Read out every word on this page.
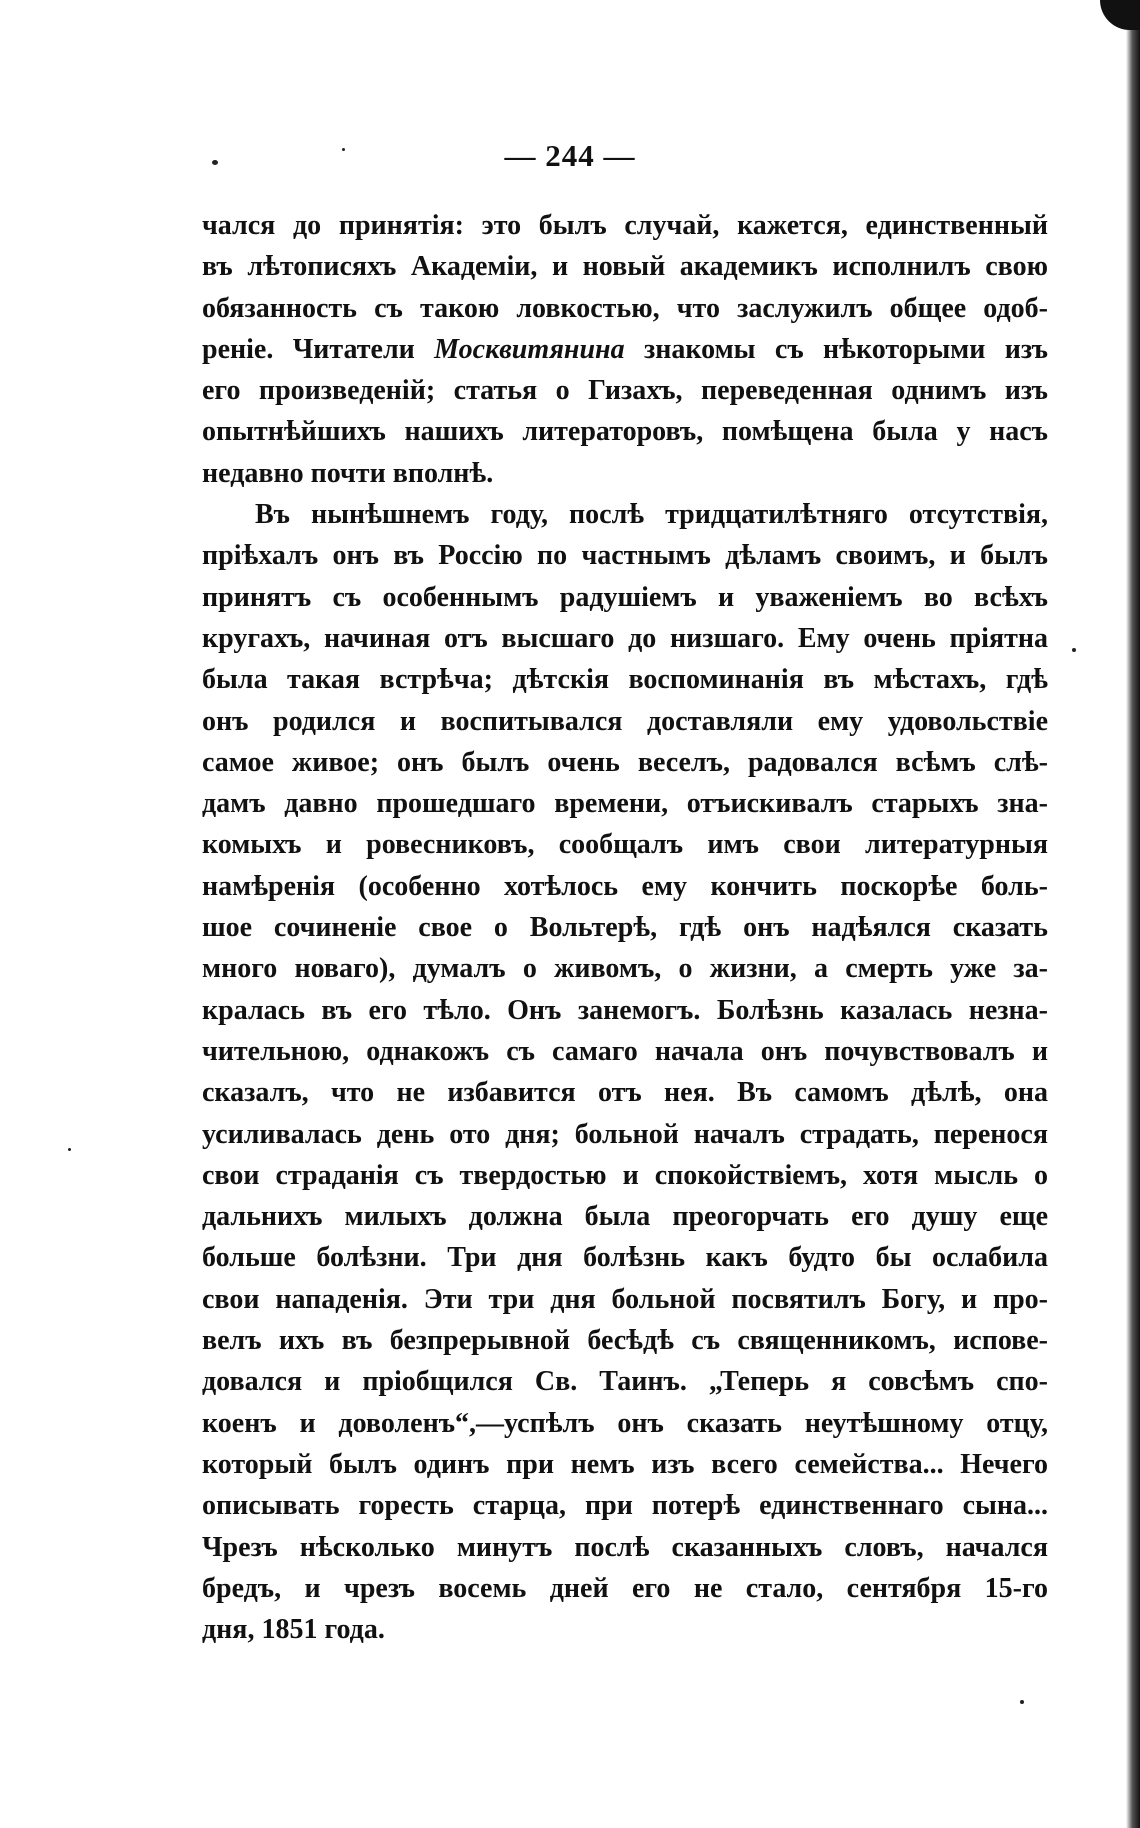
— 244 —
чался до принятія: это былъ случай, кажется, единственный
въ лѣтописяхъ Академіи, и новый академикъ исполнилъ свою
обязанность съ такою ловкостью, что заслужилъ общее одоб-
реніе. Читатели Москвитянина знакомы съ нѣкоторыми изъ
его произведеній; статья о Гизахъ, переведенная однимъ изъ
опытнѣйшихъ нашихъ литераторовъ, помѣщена была у насъ
недавно почти вполнѣ.
Въ нынѣшнемъ году, послѣ тридцатилѣтняго отсутствія,
пріѣхалъ онъ въ Россію по частнымъ дѣламъ своимъ, и былъ
принятъ съ особеннымъ радушіемъ и уваженіемъ во всѣхъ
кругахъ, начиная отъ высшаго до низшаго. Ему очень пріятна
была такая встрѣча; дѣтскія воспоминанія въ мѣстахъ, гдѣ
онъ родился и воспитывался доставляли ему удовольствіе
самое живое; онъ былъ очень веселъ, радовался всѣмъ слѣ-
дамъ давно прошедшаго времени, отъискивалъ старыхъ зна-
комыхъ и ровесниковъ, сообщалъ имъ свои литературныя
намѣренія (особенно хотѣлось ему кончить поскорѣе боль-
шое сочиненіе свое о Вольтерѣ, гдѣ онъ надѣялся сказать
много новаго), думалъ о живомъ, о жизни, а смерть уже за-
кралась въ его тѣло. Онъ занемогъ. Болѣзнь казалась незна-
чительною, однакожъ съ самаго начала онъ почувствовалъ и
сказалъ, что не избавится отъ нея. Въ самомъ дѣлѣ, она
усиливалась день ото дня; больной началъ страдать, перенося
свои страданія съ твердостью и спокойствіемъ, хотя мысль о
дальнихъ милыхъ должна была преогорчать его душу еще
больше болѣзни. Три дня болѣзнь какъ будто бы ослабила
свои нападенія. Эти три дня больной посвятилъ Богу, и про-
велъ ихъ въ безпрерывной бесѣдѣ съ священникомъ, испове-
довался и пріобщился Св. Таинъ. „Теперь я совсѣмъ спо-
коенъ и доволенъ“,—успѣлъ онъ сказать неутѣшному отцу,
который былъ одинъ при немъ изъ всего семейства... Нечего
описывать горесть старца, при потерѣ единственнаго сына...
Чрезъ нѣсколько минутъ послѣ сказанныхъ словъ, начался
бредъ, и чрезъ восемь дней его не стало, сентября 15-го
дня, 1851 года.
